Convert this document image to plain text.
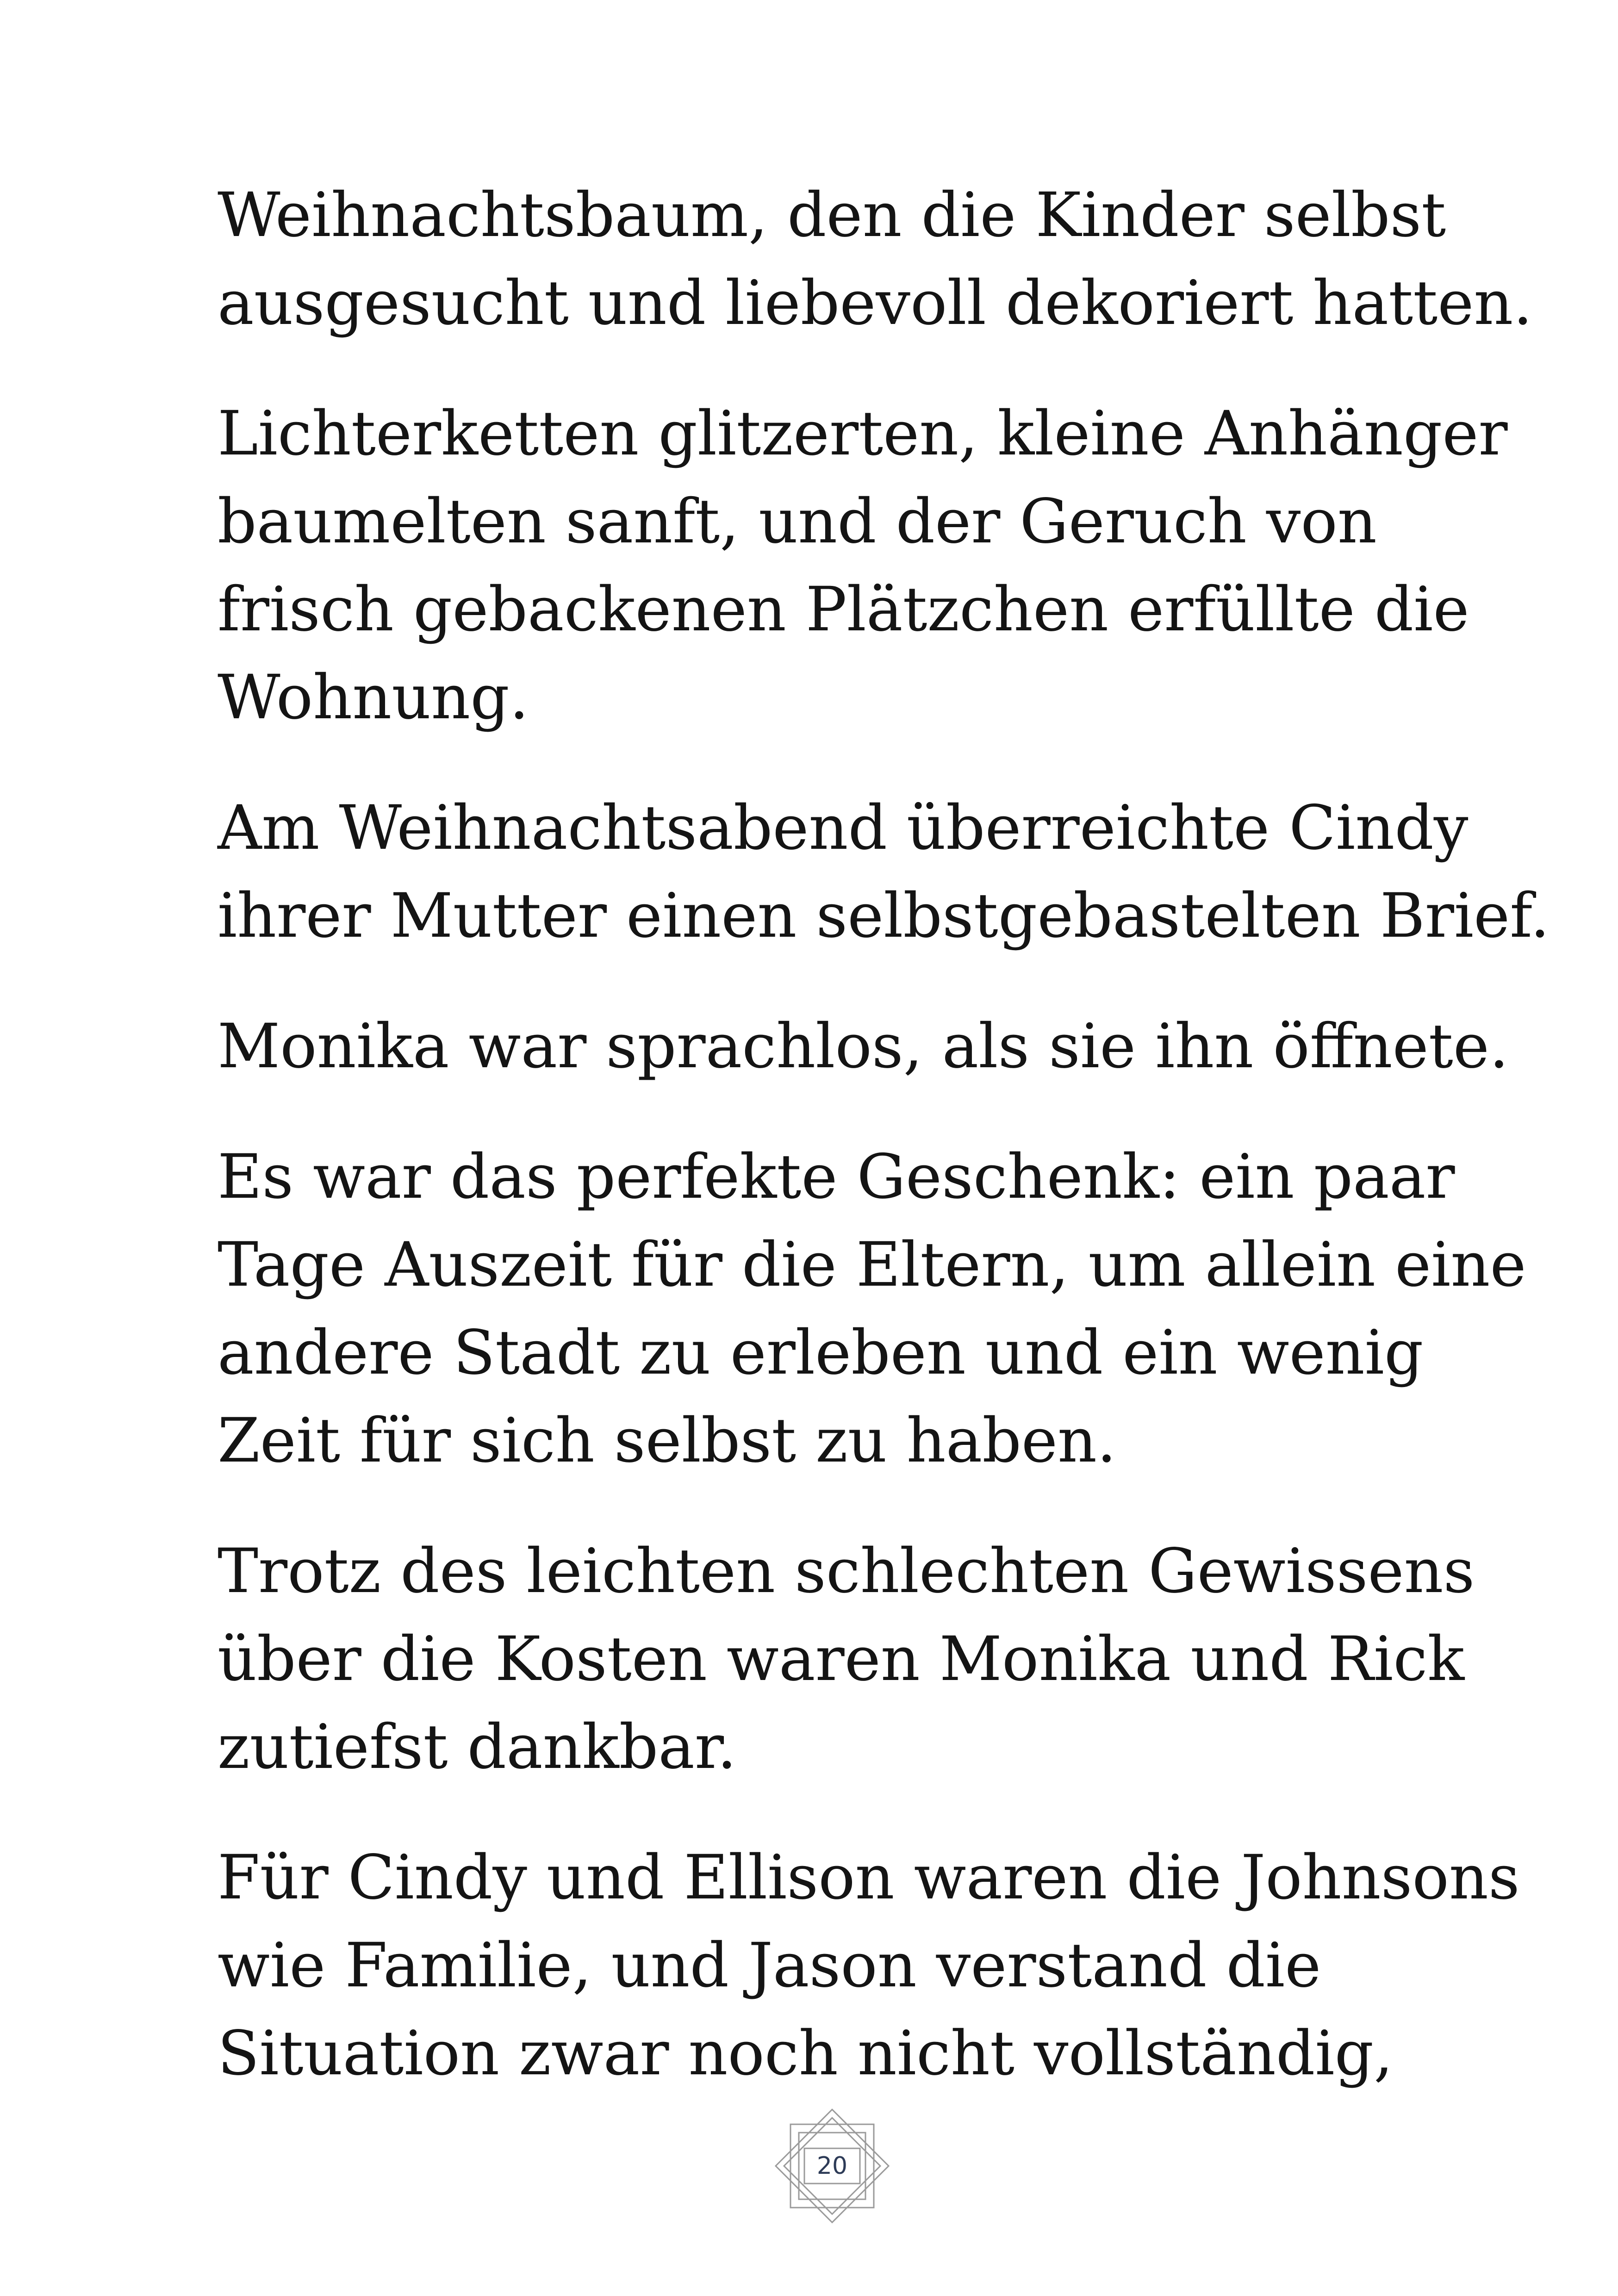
Weihnachtsbaum, den die Kinder selbst
ausgesucht und liebevoll dekoriert hatten.

Lichterketten glitzerten, kleine Anhänger
baumelten sanft, und der Geruch von
frisch gebackenen Plätzchen erfüllte die
Wohnung.

Am Weihnachtsabend überreichte Cindy
ihrer Mutter einen selbstgebastelten Brief.

Monika war sprachlos, als sie ihn öffnete.

Es war das perfekte Geschenk: ein paar
Tage Auszeit für die Eltern, um allein eine
andere Stadt zu erleben und ein wenig
Zeit für sich selbst zu haben.

Trotz des leichten schlechten Gewissens
über die Kosten waren Monika und Rick
zutiefst dankbar.

Für Cindy und Ellison waren die Johnsons
wie Familie, und Jason verstand die
Situation zwar noch nicht vollständig,

20
